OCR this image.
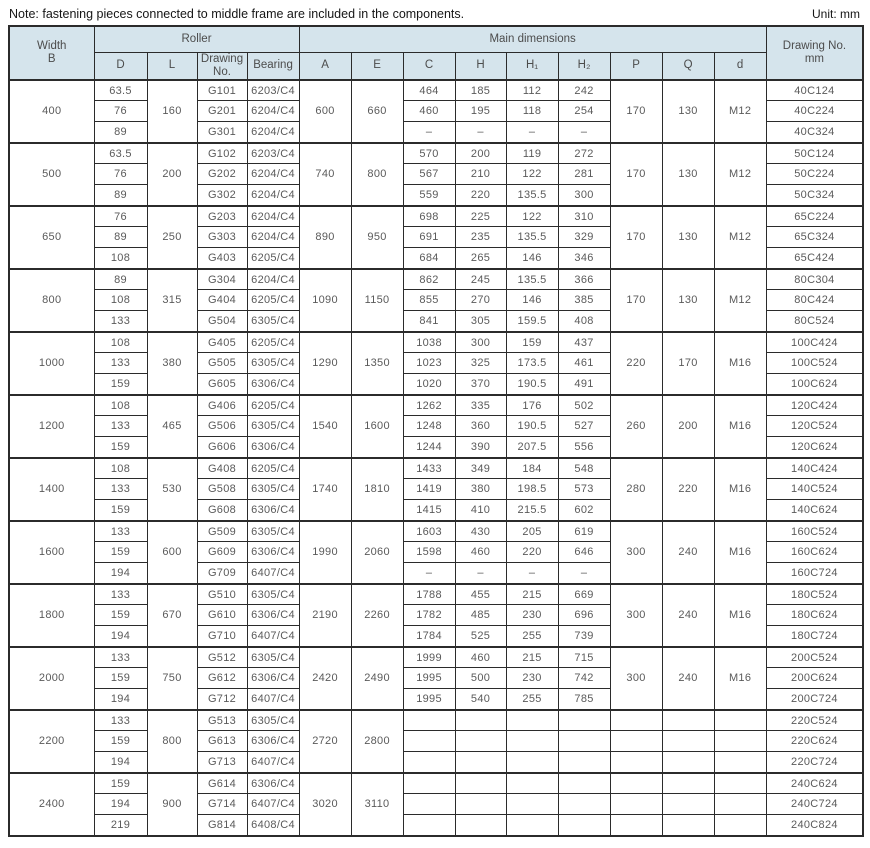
Note: fastening pieces connected to middle frame are included in the components.	Unit: mm
Width
B	Roller				Main dimensions									Drawing No.
mm
	D	L	Drawing No.	Bearing	A	E	C	H	H₁	H₂	P	Q	d	
400	63.5	160	G101	6203/C4	600	660	464	185	112	242	170	130	M12	40C124
	76		G201	6204/C4			460	195	118	254				40C224
	89		G301	6204/C4			–	–	–	–				40C324
500	63.5	200	G102	6203/C4	740	800	570	200	119	272	170	130	M12	50C124
	76		G202	6204/C4			567	210	122	281				50C224
	89		G302	6204/C4			559	220	135.5	300				50C324
650	76	250	G203	6204/C4	890	950	698	225	122	310	170	130	M12	65C224
	89		G303	6204/C4			691	235	135.5	329				65C324
	108		G403	6205/C4			684	265	146	346				65C424
800	89	315	G304	6204/C4	1090	1150	862	245	135.5	366	170	130	M12	80C304
	108		G404	6205/C4			855	270	146	385				80C424
	133		G504	6305/C4			841	305	159.5	408				80C524
1000	108	380	G405	6205/C4	1290	1350	1038	300	159	437	220	170	M16	100C424
	133		G505	6305/C4			1023	325	173.5	461				100C524
	159		G605	6306/C4			1020	370	190.5	491				100C624
1200	108	465	G406	6205/C4	1540	1600	1262	335	176	502	260	200	M16	120C424
	133		G506	6305/C4			1248	360	190.5	527				120C524
	159		G606	6306/C4			1244	390	207.5	556				120C624
1400	108	530	G408	6205/C4	1740	1810	1433	349	184	548	280	220	M16	140C424
	133		G508	6305/C4			1419	380	198.5	573				140C524
	159		G608	6306/C4			1415	410	215.5	602				140C624
1600	133	600	G509	6305/C4	1990	2060	1603	430	205	619	300	240	M16	160C524
	159		G609	6306/C4			1598	460	220	646				160C624
	194		G709	6407/C4			–	–	–	–				160C724
1800	133	670	G510	6305/C4	2190	2260	1788	455	215	669	300	240	M16	180C524
	159		G610	6306/C4			1782	485	230	696				180C624
	194		G710	6407/C4			1784	525	255	739				180C724
2000	133	750	G512	6305/C4	2420	2490	1999	460	215	715	300	240	M16	200C524
	159		G612	6306/C4			1995	500	230	742				200C624
	194		G712	6407/C4			1995	540	255	785				200C724
2200	133	800	G513	6305/C4	2720	2800								220C524
	159		G613	6306/C4										220C624
	194		G713	6407/C4										220C724
2400	159	900	G614	6306/C4	3020	3110								240C624
	194		G714	6407/C4										240C724
	219		G814	6408/C4										240C824
